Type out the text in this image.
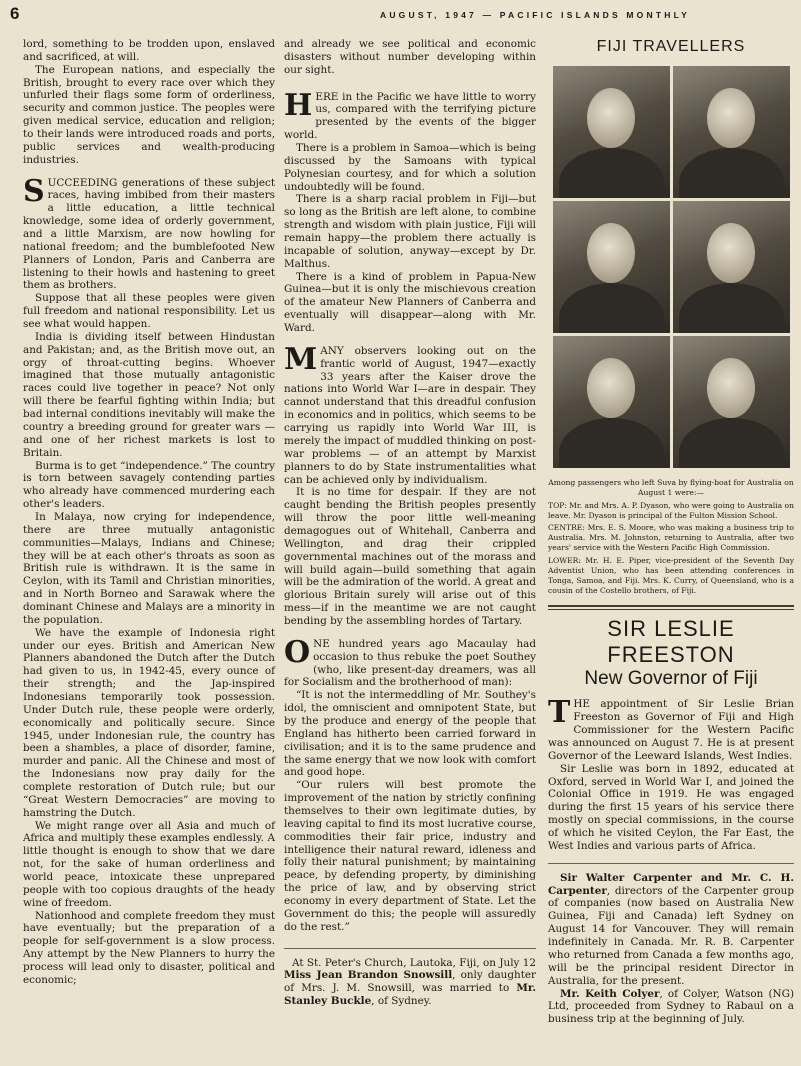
6	AUGUST, 1947 — PACIFIC ISLANDS MONTHLY

lord, something to be trodden upon, enslaved and sacrificed, at will.

The European nations, and especially the British, brought to every race over which they unfurled their flags some form of orderliness, security and common justice. The peoples were given medical service, education and religion; to their lands were introduced roads and ports, public services and wealth-producing industries.

SUCCEEDING generations of these subject races, having imbibed from their masters a little education, a little technical knowledge, some idea of orderly government, and a little Marxism, are now howling for national freedom; and the bumblefooted New Planners of London, Paris and Canberra are listening to their howls and hastening to greet them as brothers.

Suppose that all these peoples were given full freedom and national responsibility. Let us see what would happen.

India is dividing itself between Hindustan and Pakistan; and, as the British move out, an orgy of throat-cutting begins. Whoever imagined that those mutually antagonistic races could live together in peace? Not only will there be fearful fighting within India; but bad internal conditions inevitably will make the country a breeding ground for greater wars — and one of her richest markets is lost to Britain.

Burma is to get “independence.” The country is torn between savagely contending parties who already have commenced murdering each other's leaders.

In Malaya, now crying for independence, there are three mutually antagonistic communities—Malays, Indians and Chinese; they will be at each other's throats as soon as British rule is withdrawn. It is the same in Ceylon, with its Tamil and Christian minorities, and in North Borneo and Sarawak where the dominant Chinese and Malays are a minority in the population.

We have the example of Indonesia right under our eyes. British and American New Planners abandoned the Dutch after the Dutch had given to us, in 1942-45, every ounce of their strength; and the Jap-inspired Indonesians temporarily took possession. Under Dutch rule, these people were orderly, economically and politically secure. Since 1945, under Indonesian rule, the country has been a shambles, a place of disorder, famine, murder and panic. All the Chinese and most of the Indonesians now pray daily for the complete restoration of Dutch rule; but our “Great Western Democracies” are moving to hamstring the Dutch.

We might range over all Asia and much of Africa and multiply these examples endlessly. A little thought is enough to show that we dare not, for the sake of human orderliness and world peace, intoxicate these unprepared people with too copious draughts of the heady wine of freedom.

Nationhood and complete freedom they must have eventually; but the preparation of a people for self-government is a slow process. Any attempt by the New Planners to hurry the process will lead only to disaster, political and economic;

and already we see political and economic disasters without number developing within our sight.

HERE in the Pacific we have little to worry us, compared with the terrifying picture presented by the events of the bigger world.

There is a problem in Samoa—which is being discussed by the Samoans with typical Polynesian courtesy, and for which a solution undoubtedly will be found.

There is a sharp racial problem in Fiji—but so long as the British are left alone, to combine strength and wisdom with plain justice, Fiji will remain happy—the problem there actually is incapable of solution, anyway—except by Dr. Malthus.

There is a kind of problem in Papua-New Guinea—but it is only the mischievous creation of the amateur New Planners of Canberra and eventually will disappear—along with Mr. Ward.

MANY observers looking out on the frantic world of August, 1947—exactly 33 years after the Kaiser drove the nations into World War I—are in despair. They cannot understand that this dreadful confusion in economics and in politics, which seems to be carrying us rapidly into World War III, is merely the impact of muddled thinking on post-war problems — of an attempt by Marxist planners to do by State instrumentalities what can be achieved only by individualism.

It is no time for despair. If they are not caught bending the British peoples presently will throw the poor little well-meaning demagogues out of Whitehall, Canberra and Wellington, and drag their crippled governmental machines out of the morass and will build again—build something that again will be the admiration of the world. A great and glorious Britain surely will arise out of this mess—if in the meantime we are not caught bending by the assembling hordes of Tartary.

ONE hundred years ago Macaulay had occasion to thus rebuke the poet Southey (who, like present-day dreamers, was all for Socialism and the brotherhood of man):

“It is not the intermeddling of Mr. Southey's idol, the omniscient and omnipotent State, but by the produce and energy of the people that England has hitherto been carried forward in civilisation; and it is to the same prudence and the same energy that we now look with comfort and good hope.

“Our rulers will best promote the improvement of the nation by strictly confining themselves to their own legitimate duties, by leaving capital to find its most lucrative course, commodities their fair price, industry and intelligence their natural reward, idleness and folly their natural punishment; by maintaining peace, by defending property, by diminishing the price of law, and by observing strict economy in every department of State. Let the Government do this; the people will assuredly do the rest.”

At St. Peter's Church, Lautoka, Fiji, on July 12 Miss Jean Brandon Snowsill, only daughter of Mrs. J. M. Snowsill, was married to Mr. Stanley Buckle, of Sydney.

FIJI TRAVELLERS

Among passengers who left Suva by flying-boat for Australia on August 1 were:—

TOP: Mr. and Mrs. A. P. Dyason, who were going to Australia on leave. Mr. Dyason is principal of the Fulton Mission School.

CENTRE: Mrs. E. S. Moore, who was making a business trip to Australia. Mrs. M. Johnston, returning to Australia, after two years' service with the Western Pacific High Commission.

LOWER: Mr. H. E. Piper, vice-president of the Seventh Day Adventist Union, who has been attending conferences in Tonga, Samoa, and Fiji. Mrs. K. Curry, of Queensland, who is a cousin of the Costello brothers, of Fiji.

SIR LESLIE FREESTON
New Governor of Fiji

THE appointment of Sir Leslie Brian Freeston as Governor of Fiji and High Commissioner for the Western Pacific was announced on August 7. He is at present Governor of the Leeward Islands, West Indies.

Sir Leslie was born in 1892, educated at Oxford, served in World War I, and joined the Colonial Office in 1919. He was engaged during the first 15 years of his service there mostly on special commissions, in the course of which he visited Ceylon, the Far East, the West Indies and various parts of Africa.

Sir Walter Carpenter and Mr. C. H. Carpenter, directors of the Carpenter group of companies (now based on Australia New Guinea, Fiji and Canada) left Sydney on August 14 for Vancouver. They will remain indefinitely in Canada. Mr. R. B. Carpenter who returned from Canada a few months ago, will be the principal resident Director in Australia, for the present.

Mr. Keith Colyer, of Colyer, Watson (NG) Ltd, proceeded from Sydney to Rabaul on a business trip at the beginning of July.
